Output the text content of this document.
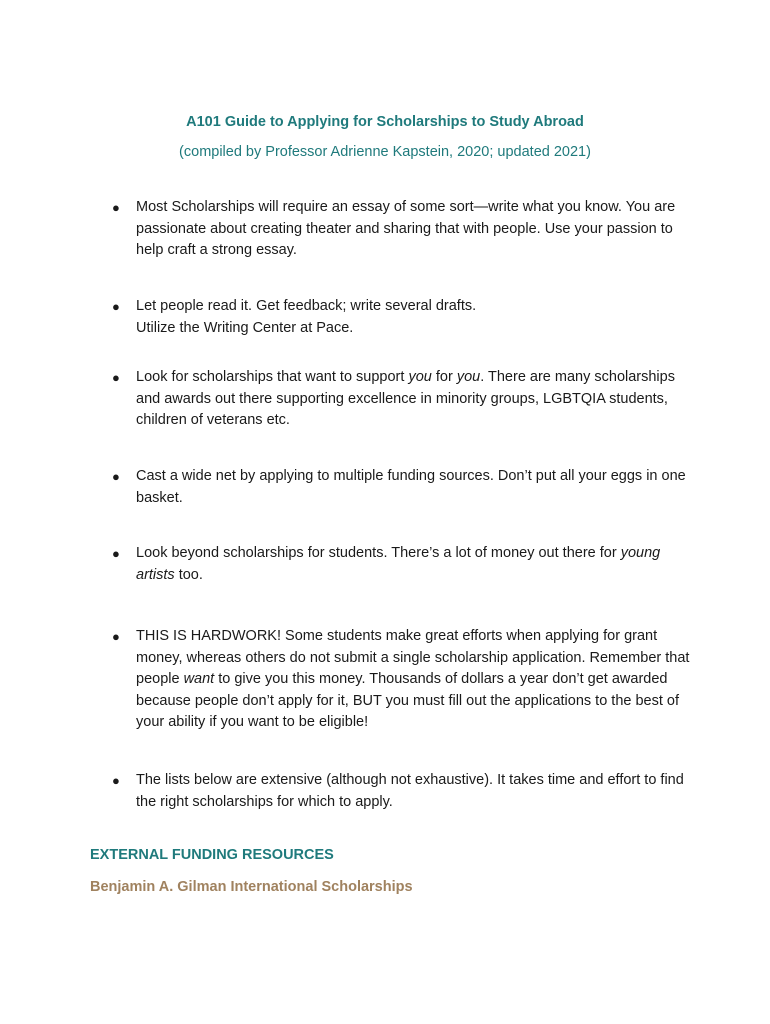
A101 Guide to Applying for Scholarships to Study Abroad
(compiled by Professor Adrienne Kapstein, 2020; updated 2021)
● Most Scholarships will require an essay of some sort—write what you know. You are passionate about creating theater and sharing that with people. Use your passion to help craft a strong essay.

● Let people read it. Get feedback; write several drafts.

Utilize the Writing Center at Pace.

● Look for scholarships that want to support you for you. There are many scholarships and awards out there supporting excellence in minority groups, LGBTQIA students, children of veterans etc.

● Cast a wide net by applying to multiple funding sources. Don’t put all your eggs in one basket.

● Look beyond scholarships for students. There’s a lot of money out there for young artists too.

● THIS IS HARDWORK! Some students make great efforts when applying for grant money, whereas others do not submit a single scholarship application. Remember that people want to give you this money. Thousands of dollars a year don’t get awarded because people don’t apply for it, BUT you must fill out the applications to the best of your ability if you want to be eligible!

● The lists below are extensive (although not exhaustive). It takes time and effort to find the right scholarships for which to apply.

EXTERNAL FUNDING RESOURCES
Benjamin A. Gilman International Scholarships
